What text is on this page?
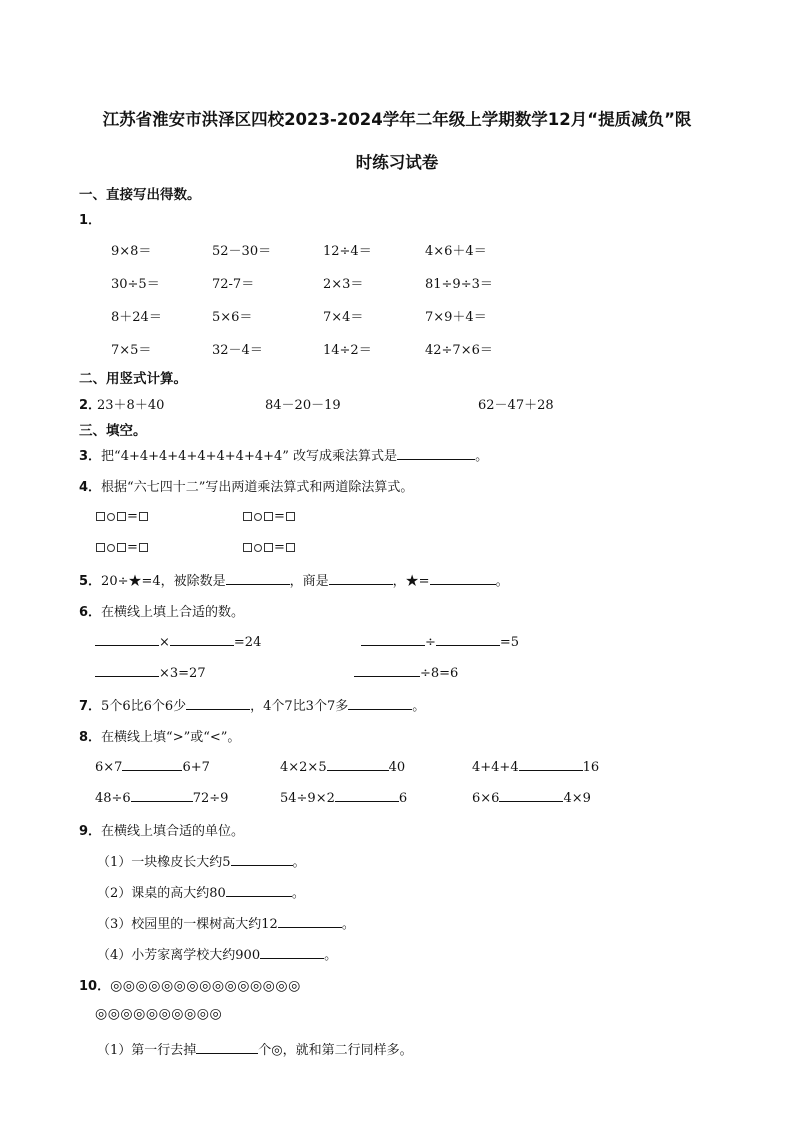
江苏省淮安市洪泽区四校2023-2024学年二年级上学期数学12月“提质减负”限
时练习试卷
一、直接写出得数。
1．
9×8＝	52－30＝	12÷4＝	4×6＋4＝
30÷5＝	72-7＝	2×3＝	81÷9÷3＝
8＋24＝	5×6＝	7×4＝	7×9＋4＝
7×5＝	32－4＝	14÷2＝	42÷7×6＝
二、用竖式计算。
2．
23＋8＋40	84－20－19	62－47＋28
三、填空。
3．把“4+4+4+4+4+4+4+4+4” 改写成乘法算式是	。
4．根据“六七四十二”写出两道乘法算式和两道除法算式。
=	=
=	=
5．20÷★=4，被除数是	，商是	，★=	。
6．在横线上填上合适的数。
×	=24	÷	=5
×3=27	÷8=6
7．5个6比6个6少	，4个7比3个7多	。
8．在横线上填“>”或“<”。
6×7	6+7	4×2×5	40	4+4+4	16
48÷6	72÷9	54÷9×2	6	6×6	4×9
9．在横线上填合适的单位。
（1）一块橡皮长大约5	。
（2）课桌的高大约80	。
（3）校园里的一棵树高大约12	。
（4）小芳家离学校大约900	。
10．◎◎◎◎◎◎◎◎◎◎◎◎◎◎◎
◎◎◎◎◎◎◎◎◎◎
（1）第一行去掉	个◎，就和第二行同样多。
